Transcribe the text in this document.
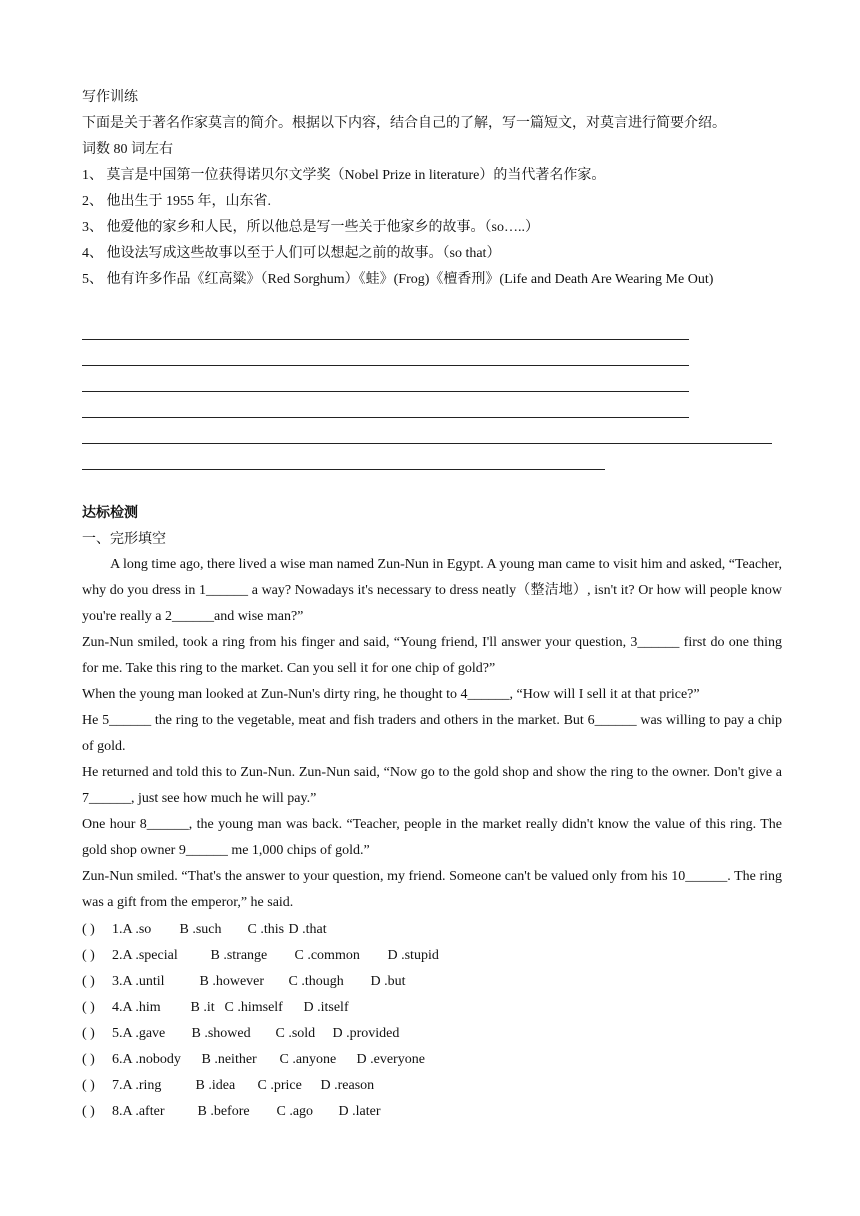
写作训练
下面是关于著名作家莫言的简介。根据以下内容，结合自己的了解，写一篇短文，对莫言进行简要介绍。
词数 80 词左右
1、 莫言是中国第一位获得诺贝尔文学奖（Nobel Prize in literature）的当代著名作家。
2、 他出生于 1955 年，山东省.
3、 他爱他的家乡和人民，所以他总是写一些关于他家乡的故事。（so…..）
4、 他设法写成这些故事以至于人们可以想起之前的故事。（so that）
5、 他有许多作品《红高粱》（Red Sorghum）《蛙》(Frog)《檀香刑》(Life and Death Are Wearing Me Out)
达标检测
一、完形填空

　　A long time ago, there lived a wise man named Zun-Nun in Egypt. A young man came to visit him and asked, “Teacher, why do you dress in 1______ a way? Nowadays it's necessary to dress neatly（整洁地）, isn't it? Or how will people know you're really a 2______and wise man?”

Zun-Nun smiled, took a ring from his finger and said, “Young friend, I'll answer your question, 3______ first do one thing for me. Take this ring to the market. Can you sell it for one chip of gold?”

When the young man looked at Zun-Nun's dirty ring, he thought to 4______, “How will I sell it at that price?”

He 5______ the ring to the vegetable, meat and fish traders and others in the market. But 6______ was willing to pay a chip of gold.

He returned and told this to Zun-Nun. Zun-Nun said, “Now go to the gold shop and show the ring to the owner. Don't give a 7______, just see how much he will pay.”

One hour 8______, the young man was back. “Teacher, people in the market really didn't know the value of this ring. The gold shop owner 9______ me 1,000 chips of gold.”

Zun-Nun smiled. “That's the answer to your question, my friend. Someone can't be valued only from his 10______. The ring was a gift from the emperor,” he said.

( ) 1.A .so B .such C .this D .that
( ) 2.A .special B .strange C .common D .stupid
( ) 3.A .until B .however C .though D .but
( ) 4.A .him B .it C .himself D .itself
( ) 5.A .gave B .showed C .sold D .provided
( ) 6.A .nobody B .neither C .anyone D .everyone
( ) 7.A .ring B .idea C .price D .reason
( ) 8.A .after B .before C .ago D .later
